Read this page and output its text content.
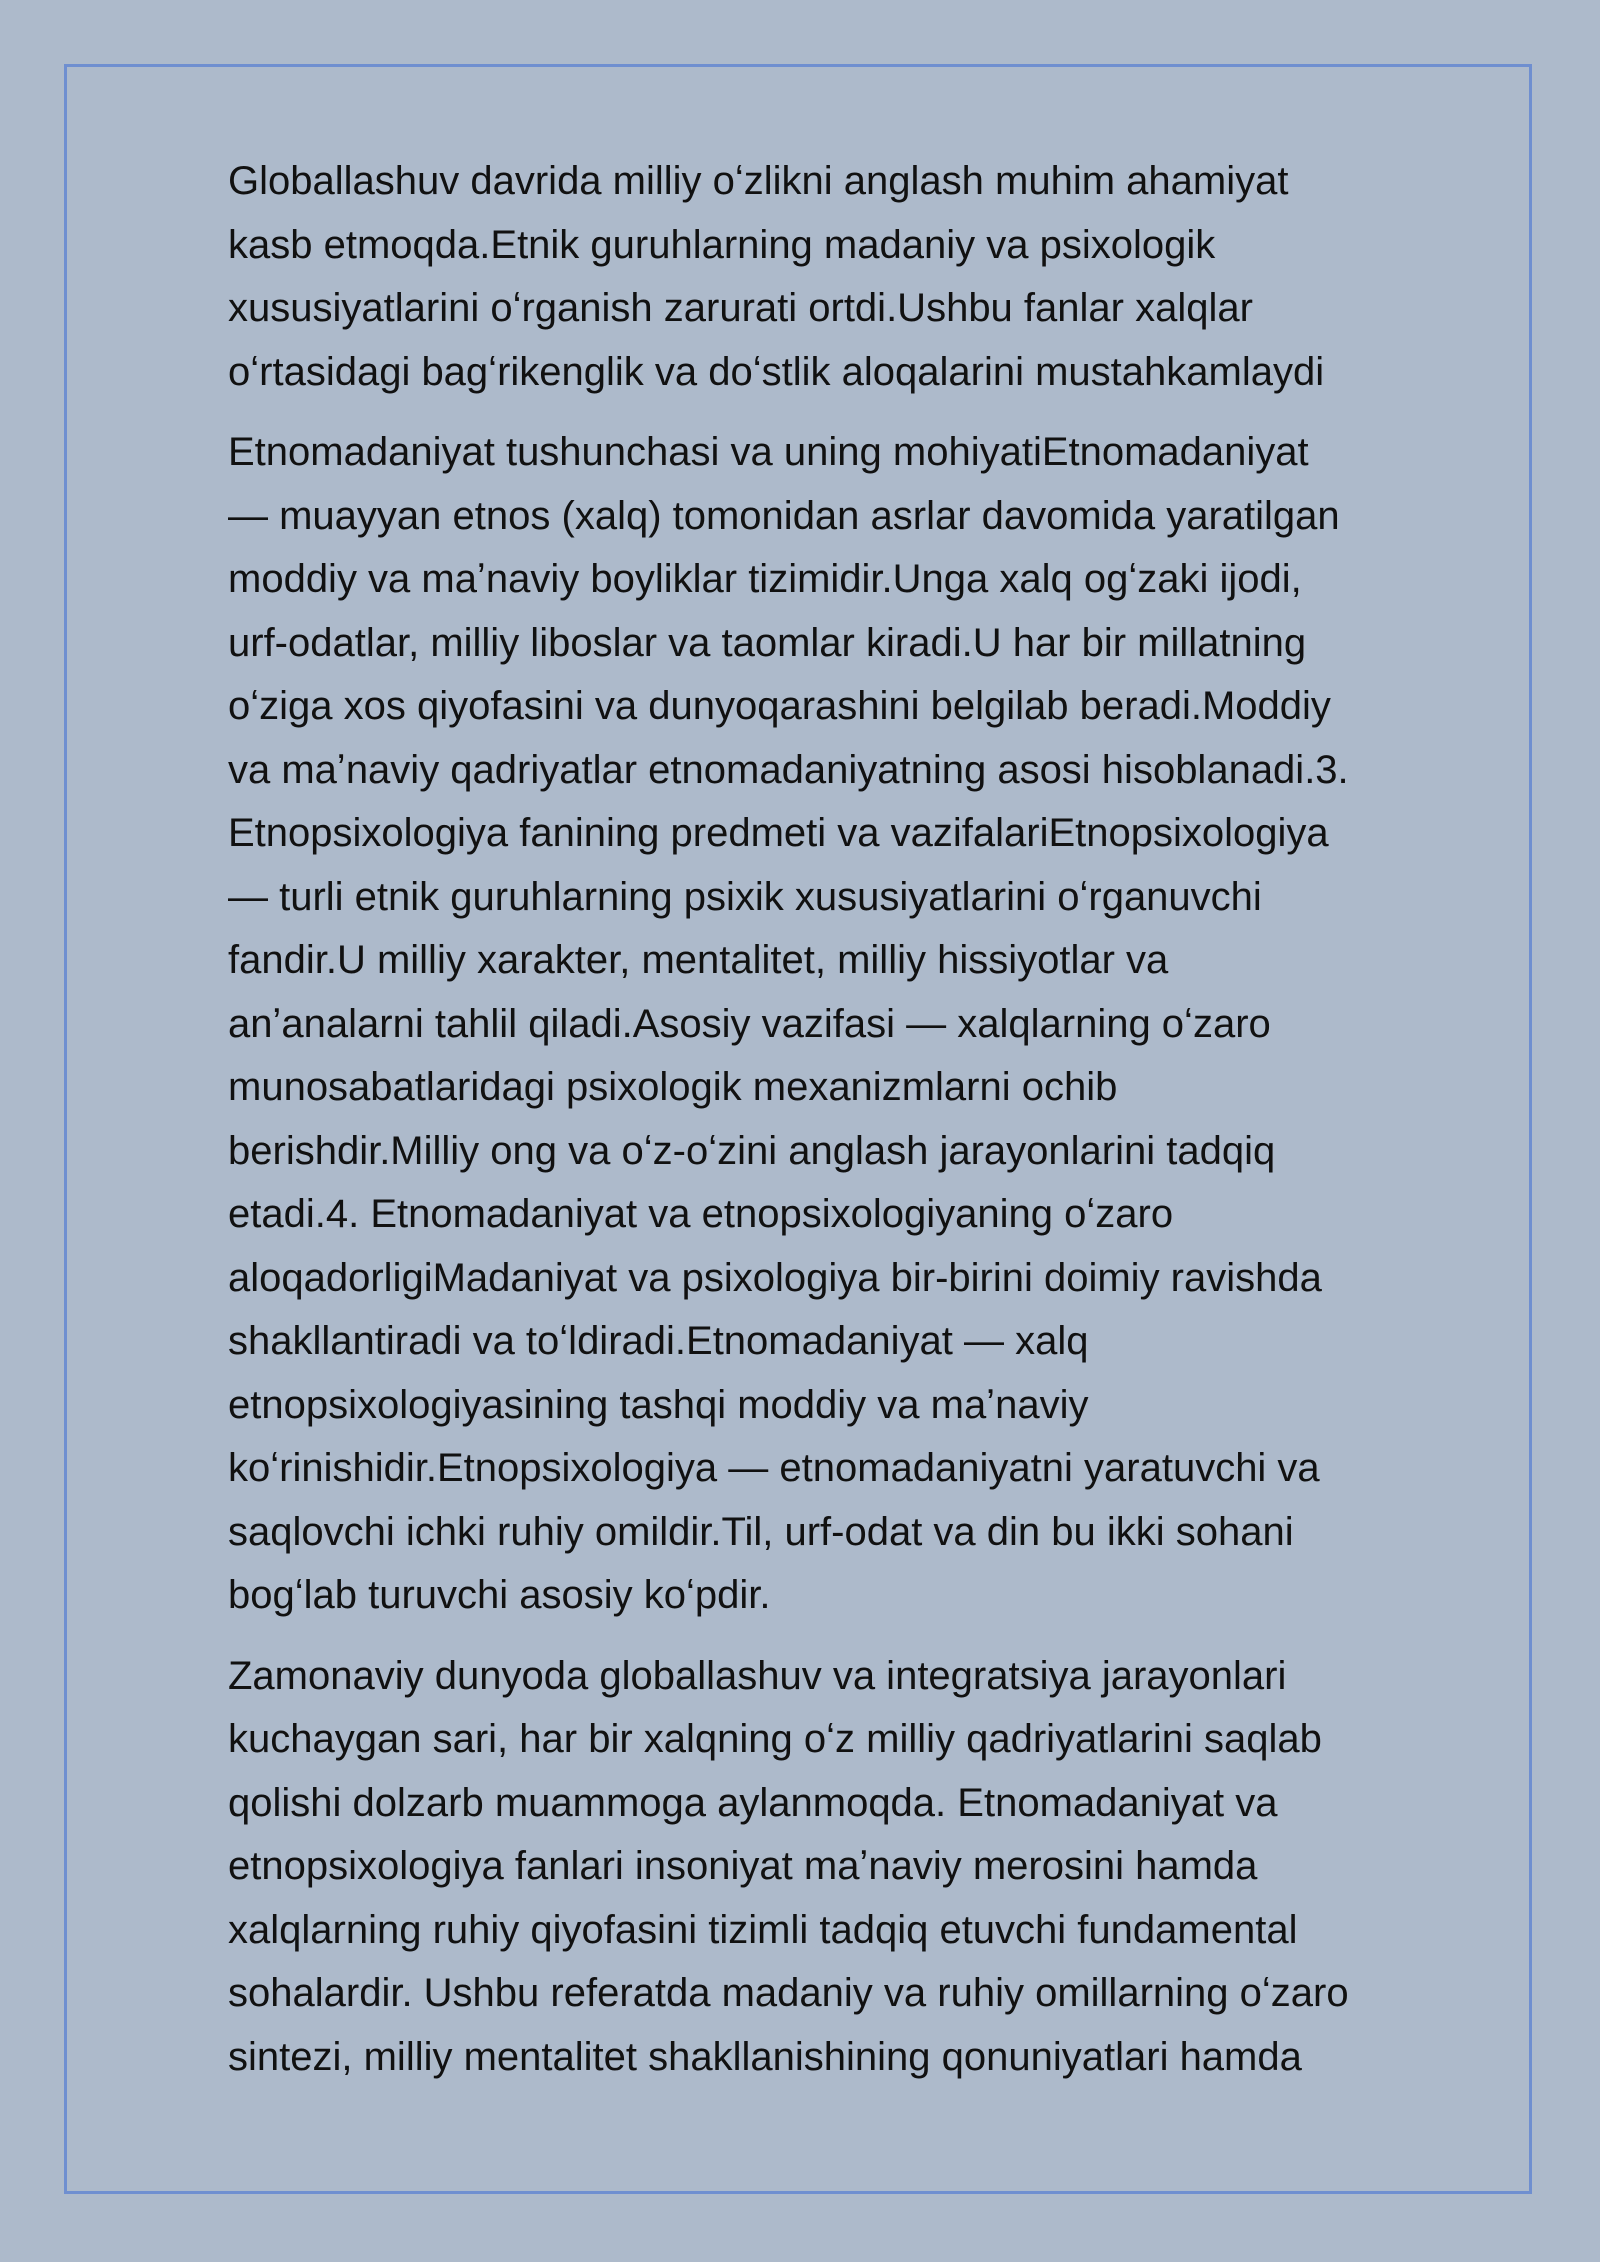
Globallashuv davrida milliy oʻzlikni anglash muhim ahamiyat
kasb etmoqda.Etnik guruhlarning madaniy va psixologik
xususiyatlarini oʻrganish zarurati ortdi.Ushbu fanlar xalqlar
oʻrtasidagi bagʻrikenglik va doʻstlik aloqalarini mustahkamlaydi

Etnomadaniyat tushunchasi va uning mohiyatiEtnomadaniyat
— muayyan etnos (xalq) tomonidan asrlar davomida yaratilgan
moddiy va maʼnaviy boyliklar tizimidir.Unga xalq ogʻzaki ijodi,
urf-odatlar, milliy liboslar va taomlar kiradi.U har bir millatning
oʻziga xos qiyofasini va dunyoqarashini belgilab beradi.Moddiy
va maʼnaviy qadriyatlar etnomadaniyatning asosi hisoblanadi.3.
Etnopsixologiya fanining predmeti va vazifalariEtnopsixologiya
— turli etnik guruhlarning psixik xususiyatlarini oʻrganuvchi
fandir.U milliy xarakter, mentalitet, milliy hissiyotlar va
anʼanalarni tahlil qiladi.Asosiy vazifasi — xalqlarning oʻzaro
munosabatlaridagi psixologik mexanizmlarni ochib
berishdir.Milliy ong va oʻz-oʻzini anglash jarayonlarini tadqiq
etadi.4. Etnomadaniyat va etnopsixologiyaning oʻzaro
aloqadorligiMadaniyat va psixologiya bir-birini doimiy ravishda
shakllantiradi va toʻldiradi.Etnomadaniyat — xalq
etnopsixologiyasining tashqi moddiy va maʼnaviy
koʻrinishidir.Etnopsixologiya — etnomadaniyatni yaratuvchi va
saqlovchi ichki ruhiy omildir.Til, urf-odat va din bu ikki sohani
bogʻlab turuvchi asosiy koʻpdir.

Zamonaviy dunyoda globallashuv va integratsiya jarayonlari
kuchaygan sari, har bir xalqning oʻz milliy qadriyatlarini saqlab
qolishi dolzarb muammoga aylanmoqda. Etnomadaniyat va
etnopsixologiya fanlari insoniyat maʼnaviy merosini hamda
xalqlarning ruhiy qiyofasini tizimli tadqiq etuvchi fundamental
sohalardir. Ushbu referatda madaniy va ruhiy omillarning oʻzaro
sintezi, milliy mentalitet shakllanishining qonuniyatlari hamda
